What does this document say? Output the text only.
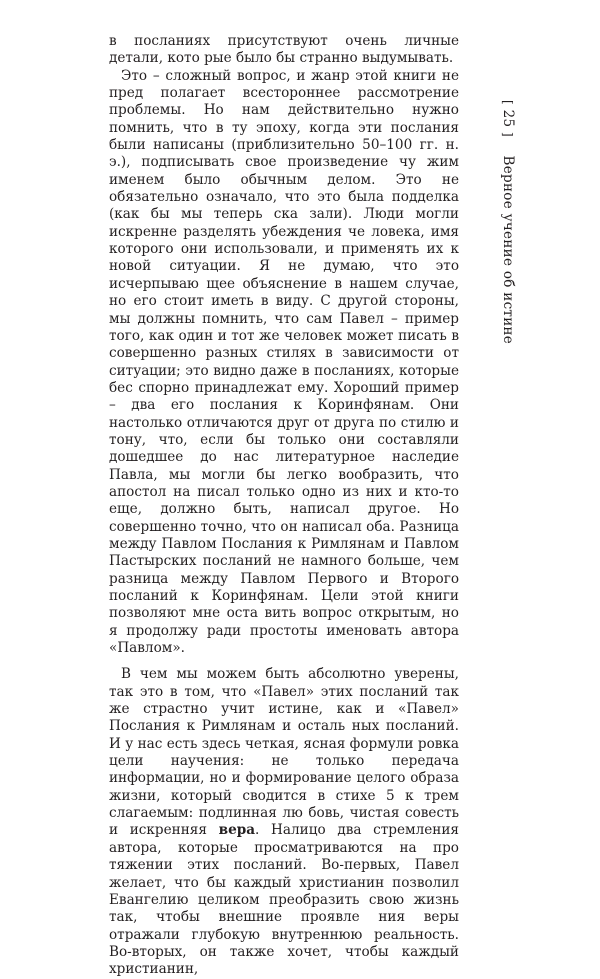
[ 25 ] Верное учение об истине

в посланиях присутствуют очень личные детали, кото рые было бы странно выдумывать.

Это – сложный вопрос, и жанр этой книги не пред полагает всестороннее рассмотрение проблемы. Но нам действительно нужно помнить, что в ту эпоху, когда эти послания были написаны (приблизительно 50–100 гг. н. э.), подписывать свое произведение чу жим именем было обычным делом. Это не обязательно означало, что это была подделка (как бы мы теперь ска зали). Люди могли искренне разделять убеждения че ловека, имя которого они использовали, и применять их к новой ситуации. Я не думаю, что это исчерпываю щее объяснение в нашем случае, но его стоит иметь в виду. С другой стороны, мы должны помнить, что сам Павел – пример того, как один и тот же человек может писать в совершенно разных стилях в зависимости от ситуации; это видно даже в посланиях, которые бес спорно принадлежат ему. Хороший пример – два его послания к Коринфянам. Они настолько отличаются друг от друга по стилю и тону, что, если бы только они составляли дошедшее до нас литературное наследие Павла, мы могли бы легко вообразить, что апостол на писал только одно из них и кто-то еще, должно быть, написал другое. Но совершенно точно, что он написал оба. Разница между Павлом Послания к Римлянам и Павлом Пастырских посланий не намного больше, чем разница между Павлом Первого и Второго посланий к Коринфянам. Цели этой книги позволяют мне оста вить вопрос открытым, но я продолжу ради простоты именовать автора «Павлом».

В чем мы можем быть абсолютно уверены, так это в том, что «Павел» этих посланий так же страстно учит истине, как и «Павел» Послания к Римлянам и осталь ных посланий. И у нас есть здесь четкая, ясная формули ровка цели научения: не только передача информации, но и формирование целого образа жизни, который сводится в стихе 5 к трем слагаемым: подлинная лю бовь, чистая совесть и искренняя вера. Налицо два стремления автора, которые просматриваются на про тяжении этих посланий. Во-первых, Павел желает, что бы каждый христианин позволил Евангелию целиком преобразить свою жизнь так, чтобы внешние проявле ния веры отражали глубокую внутреннюю реальность. Во-вторых, он также хочет, чтобы каждый христианин,
